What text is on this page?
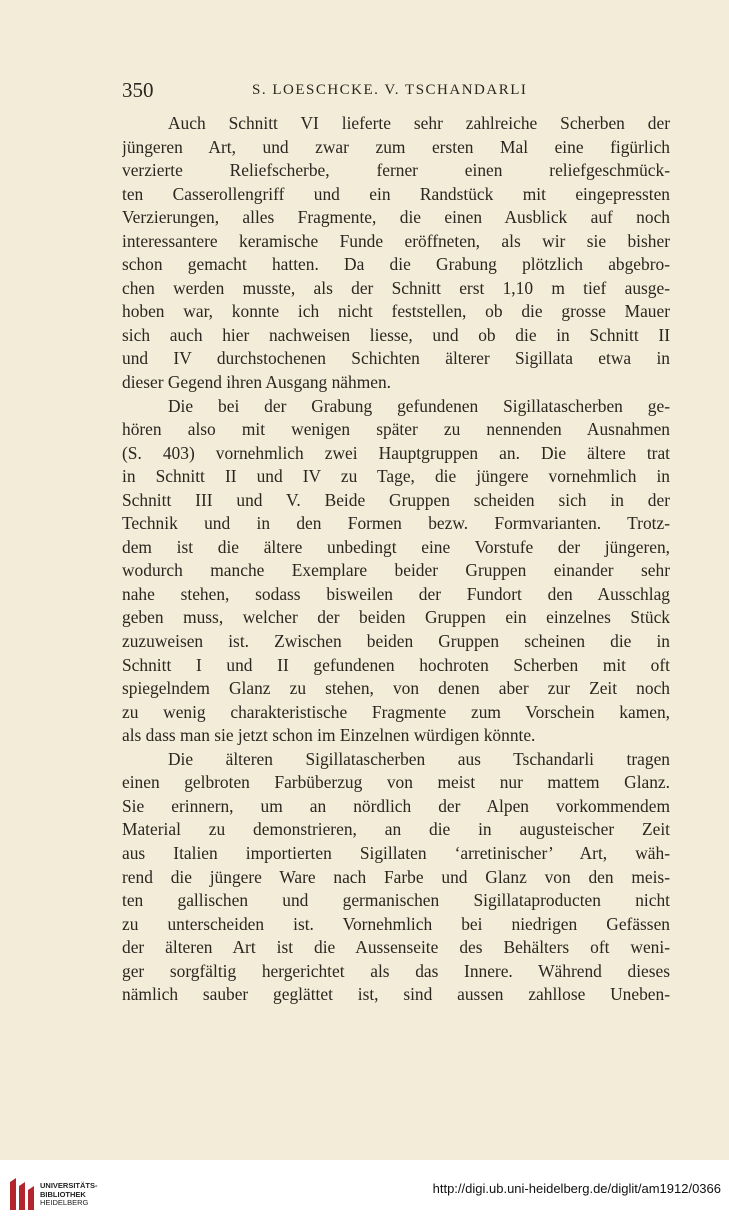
350	S. LOESCHCKE. V. TSCHANDARLI
Auch Schnitt VI lieferte sehr zahlreiche Scherben der
jüngeren Art, und zwar zum ersten Mal eine figürlich
verzierte Reliefscherbe, ferner einen reliefgeschmück-
ten Casserollengriff und ein Randstück mit eingepressten
Verzierungen, alles Fragmente, die einen Ausblick auf noch
interessantere keramische Funde eröffneten, als wir sie bisher
schon gemacht hatten. Da die Grabung plötzlich abgebro-
chen werden musste, als der Schnitt erst 1,10 m tief ausge-
hoben war, konnte ich nicht feststellen, ob die grosse Mauer
sich auch hier nachweisen liesse, und ob die in Schnitt II
und IV durchstochenen Schichten älterer Sigillata etwa in
dieser Gegend ihren Ausgang nähmen.
Die bei der Grabung gefundenen Sigillatascherben ge-
hören also mit wenigen später zu nennenden Ausnahmen
(S. 403) vornehmlich zwei Hauptgruppen an. Die ältere trat
in Schnitt II und IV zu Tage, die jüngere vornehmlich in
Schnitt III und V. Beide Gruppen scheiden sich in der
Technik und in den Formen bezw. Formvarianten. Trotz-
dem ist die ältere unbedingt eine Vorstufe der jüngeren,
wodurch manche Exemplare beider Gruppen einander sehr
nahe stehen, sodass bisweilen der Fundort den Ausschlag
geben muss, welcher der beiden Gruppen ein einzelnes Stück
zuzuweisen ist. Zwischen beiden Gruppen scheinen die in
Schnitt I und II gefundenen hochroten Scherben mit oft
spiegelndem Glanz zu stehen, von denen aber zur Zeit noch
zu wenig charakteristische Fragmente zum Vorschein kamen,
als dass man sie jetzt schon im Einzelnen würdigen könnte.
Die älteren Sigillatascherben aus Tschandarli tragen
einen gelbroten Farbüberzug von meist nur mattem Glanz.
Sie erinnern, um an nördlich der Alpen vorkommendem
Material zu demonstrieren, an die in augusteischer Zeit
aus Italien importierten Sigillaten ‘arretinischer’ Art, wäh-
rend die jüngere Ware nach Farbe und Glanz von den meis-
ten gallischen und germanischen Sigillataproducten nicht
zu unterscheiden ist. Vornehmlich bei niedrigen Gefässen
der älteren Art ist die Aussenseite des Behälters oft weni-
ger sorgfältig hergerichtet als das Innere. Während dieses
nämlich sauber geglättet ist, sind aussen zahllose Uneben-
UNIVERSITÄTS-
BIBLIOTHEK
HEIDELBERG
http://digi.ub.uni-heidelberg.de/diglit/am1912/0366
